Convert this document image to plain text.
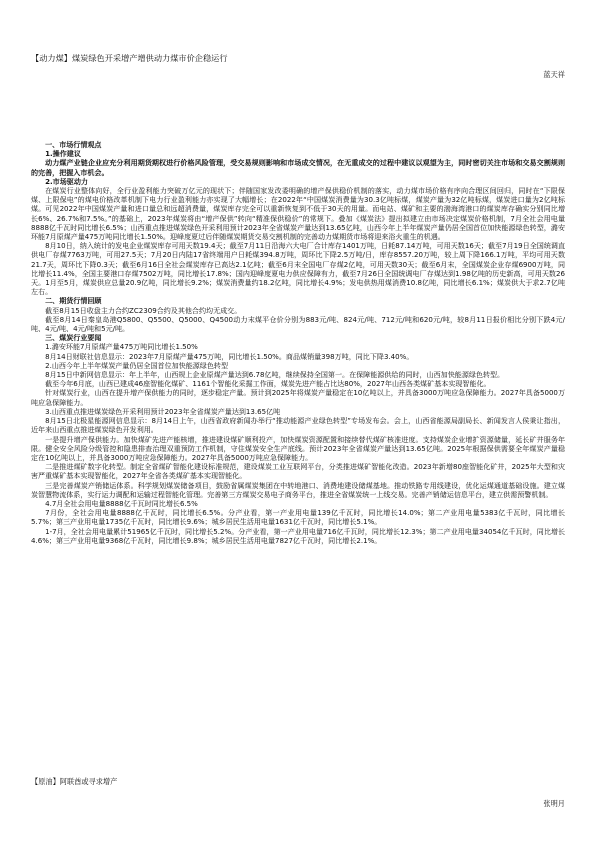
【动力煤】煤炭绿色开采增产增供动力煤市价企稳运行
蓝天祥

一、市场行情观点

1.操作建议

动力煤产业链企业应充分利用期货期权进行价格风险管理，受交易规则影响和市场成交情况，在无重成交的过程中建议以观望为主，同时密切关注市场和交易交割规则的完善，把握入市机会。

2.市场驱动力

在煤炭行业整体向好，全行业盈利能力突破万亿元的现状下；伴随国家发改委明确的增产保供稳价机制的落实，动力煤市场价格有序向合理区间回归，同时在“下限保煤、上限保电”的煤电价格改革机制下电力行业盈利能力亦实现了大幅增长；在2022年“中国煤炭消费量为30.3亿吨标煤，煤炭产量为32亿吨标煤，煤炭进口量为2亿吨标煤。可见2022年中国煤炭产量和进口量总和远超消费量，煤炭库存完全可以重新恢复到不低于30天的用量。而电站、煤矿和主要的渤海湾港口的煤炭库存确实分别同比增长6%、26.7%和7.5%。”的基础上，2023年煤炭将由“增产保供”转向“精准保供稳价”的常规下。叠加《煤炭法》提出拟建立由市场决定煤炭价格机制，7月全社会用电量8888亿千瓦时同比增长6.5%；山西重点推进煤炭绿色开采利用预计2023年全省煤炭产量达到13.65亿吨，山西今年上半年煤炭产量仍居全国首位加快能源绿色转型，潞安环能7月原煤产量475万吨同比增长1.50%。迎峰度夏过后伴随煤炭期货交易交割机制的完善动力煤期货市场将迎来浴火重生的机遇。

8月10日，纳入统计的发电企业煤炭库存可用天数19.4天；截至7月11日沿海六大电厂合计库存1401万吨，日耗87.14万吨，可用天数16天；截至7月19日全国统调直供电厂存煤7763万吨，可用27.5天；7月20日内陆17省终端用户日耗煤394.8万吨，周环比下降2.5万吨/日，库存8557.20万吨，较上周下降166.1万吨，平均可用天数21.7天，周环比下降0.3天；截至6月16日全社会煤炭库存已高达2.1亿吨；截至6月末全国电厂存煤2亿吨，可用天数30天；截至6月末，全国煤炭企业存煤6900万吨，同比增长11.4%，全国主要港口存煤7502万吨，同比增长17.8%；国内迎峰度夏电力供应保障有力，截至7月26日全国统调电厂存煤达到1.98亿吨的历史新高，可用天数26天。1月至5月，煤炭供应总量20.9亿吨，同比增长9.2%；煤炭消费量约18.2亿吨，同比增长4.9%；发电供热用煤消费10.8亿吨，同比增长6.1%；煤炭供大于求2.7亿吨左右。

二、期货行情回顾

截至8月15日收盘主力合约ZC2309合约及其他合约均无成交。

截至8月14日秦皇岛港Q5800、Q5500、Q5000、Q4500动力末煤平仓价分别为883元/吨、824元/吨、712元/吨和620元/吨，较8月11日报价相比分别下跌4元/吨、4元/吨、4元/吨和5元/吨。

三、煤炭行业要闻

1.潞安环能7月原煤产量475万吨同比增长1.50%

8月14日财联社信息显示：2023年7月原煤产量475万吨，同比增长1.50%。商品煤销量398万吨，同比下降3.40%。

2.山西今年上半年煤炭产量仍居全国首位加快能源绿色转型

8月15日中新网信息显示：年上半年，山西规上企业原煤产量达到6.78亿吨，继续保持全国第一。在保障能源供给的同时，山西加快能源绿色转型。

截至今年6月底，山西已建成46座智能化煤矿、1161个智能化采掘工作面，煤炭先进产能占比达80%，2027年山西各类煤矿基本实现智能化。

针对煤炭行业，山西在提升增产保供能力的同时，逐步稳定产量。预计到2025年将煤炭产量稳定在10亿吨以上，并具备3000万吨应急保障能力。2027年具备5000万吨应急保障能力。

3.山西重点推进煤炭绿色开采利用预计2023年全省煤炭产量达到13.65亿吨

8月15日北极星能源网信息显示：8月14日上午，山西省政府新闻办举行“推动能源产业绿色转型”专场发布会。会上，山西省能源局副局长、新闻发言人侯秉让指出，近年来山西重点推进煤炭绿色开发利用。

一是提升增产保供能力。加快煤矿先进产能核增，推进建设煤矿顺利投产，加快煤炭资源配置和接续替代煤矿核准进度。支持煤炭企业增扩资源储量，延长矿井服务年限。健全安全风险分级管控和隐患排查治理双重预防工作机制，守住煤炭安全生产底线。预计2023年全省煤炭产量达到13.65亿吨。2025年根据保供需要全年煤炭产量稳定在10亿吨以上，并具备3000万吨应急保障能力。2027年具备5000万吨应急保障能力。

二是推进煤矿数字化转型。制定全省煤矿智能化建设标准规范，建设煤炭工业互联网平台，分类推进煤矿智能化改造。2023年新增80座智能化矿井，2025年大型和灾害严重煤矿基本实现智能化，2027年全省各类煤矿基本实现智能化。

三是完善煤炭产销储运体系。科学规划煤炭储备项目，鼓励省属煤炭集团在中转地港口、消费地建设储煤基地。推动铁路专用线建设，优化运煤通道基础设施。建立煤炭智慧物流体系，实行运力调配和运输过程智能化管理。完善第三方煤炭交易电子商务平台，推进全省煤炭统一上线交易。完善产销储运信息平台，建立供需预警机制。

4.7月全社会用电量8888亿千瓦时同比增长6.5%

7月份，全社会用电量8888亿千瓦时，同比增长6.5%。分产业看，第一产业用电量139亿千瓦时，同比增长14.0%；第二产业用电量5383亿千瓦时，同比增长5.7%；第三产业用电量1735亿千瓦时，同比增长9.6%；城乡居民生活用电量1631亿千瓦时，同比增长5.1%。

1-7月，全社会用电量累计51965亿千瓦时，同比增长5.2%。分产业看，第一产业用电量716亿千瓦时，同比增长12.3%；第二产业用电量34054亿千瓦时，同比增长4.6%；第三产业用电量9368亿千瓦时，同比增长9.8%；城乡居民生活用电量7827亿千瓦时，同比增长2.1%。

【原油】阿联酋或寻求增产
张明月
